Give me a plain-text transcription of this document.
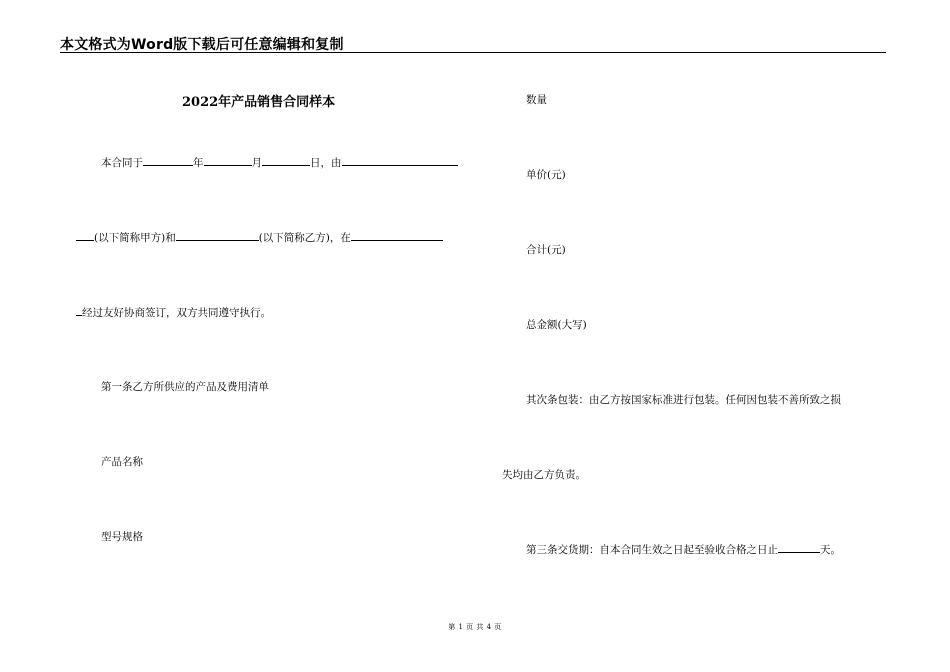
本文格式为Word版下载后可任意编辑和复制
2022年产品销售合同样本
本合同于	年	月	日，由
(以下简称甲方)和	(以下简称乙方)，在
经过友好协商签订，双方共同遵守执行。
第一条乙方所供应的产品及费用清单
产品名称
型号规格
数量
单价(元)
合计(元)
总金额(大写)
其次条包装：由乙方按国家标准进行包装。任何因包装不善所致之损
失均由乙方负责。
第三条交货期：自本合同生效之日起至验收合格之日止	天。
第 1 页 共 4 页
